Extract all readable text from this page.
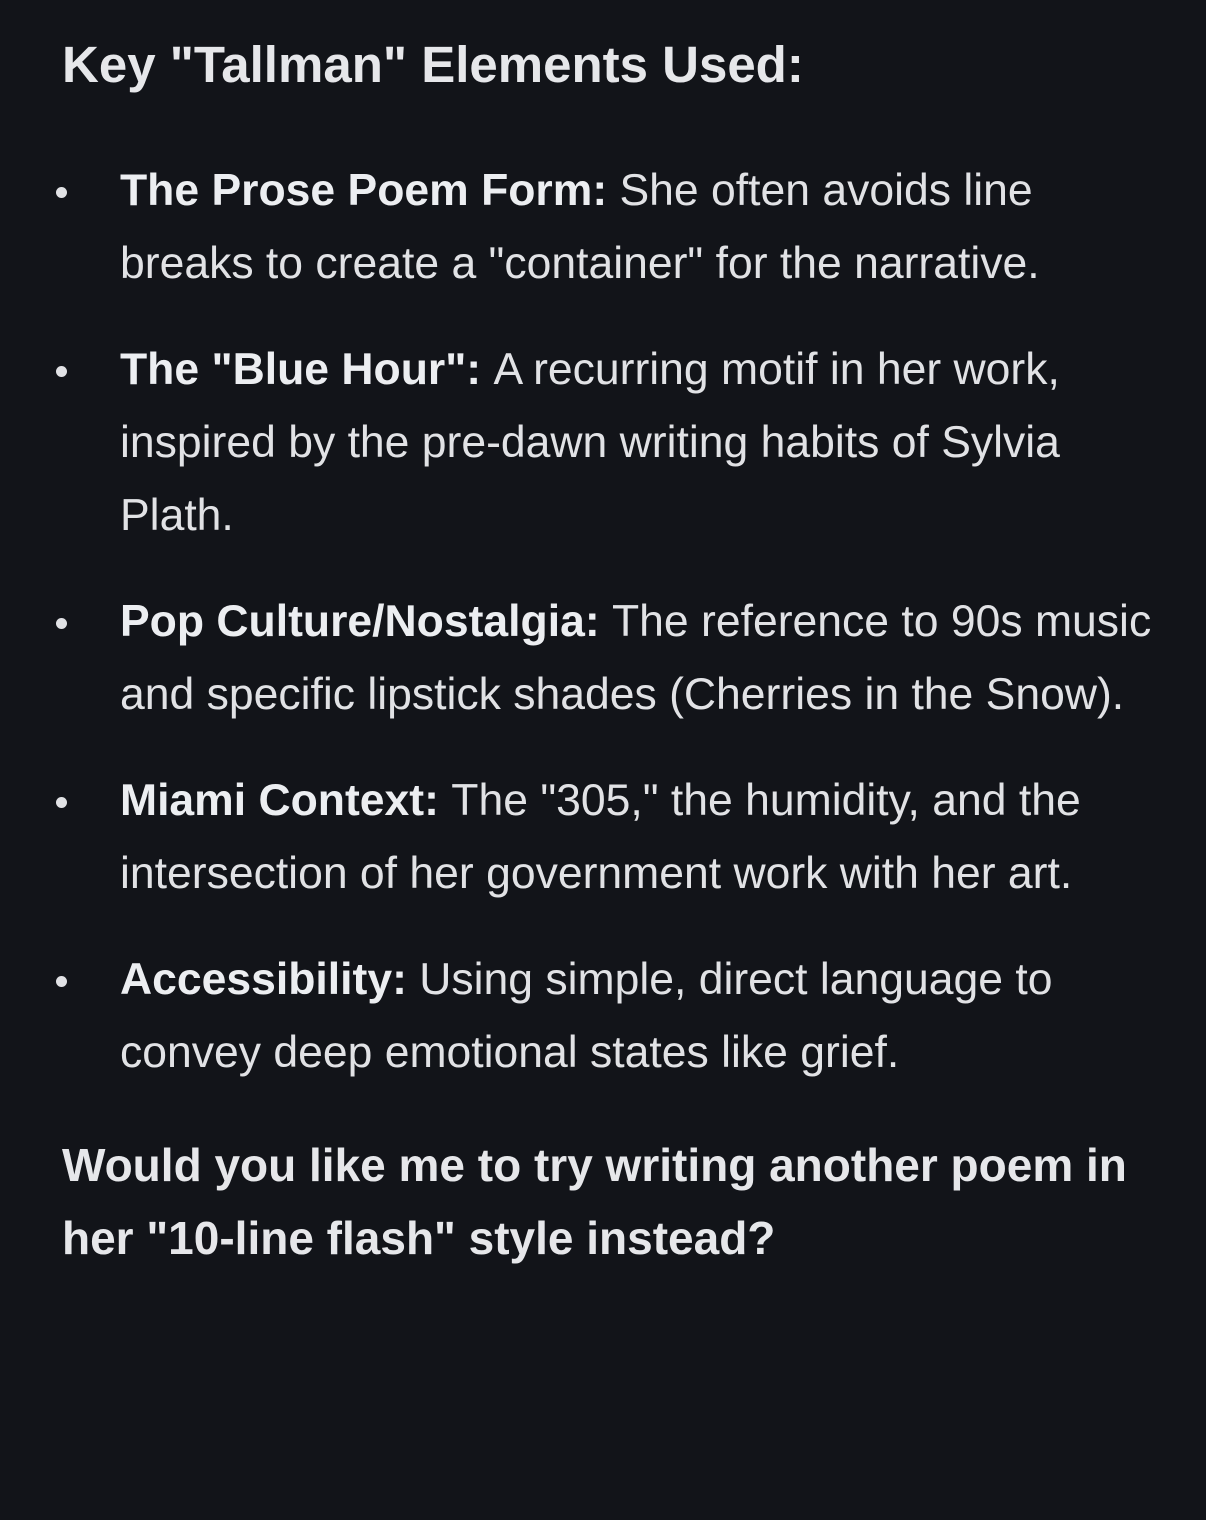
Key "Tallman" Elements Used:
The Prose Poem Form: She often avoids line breaks to create a "container" for the narrative.
The "Blue Hour": A recurring motif in her work, inspired by the pre-dawn writing habits of Sylvia Plath.
Pop Culture/Nostalgia: The reference to 90s music and specific lipstick shades (Cherries in the Snow).
Miami Context: The "305," the humidity, and the intersection of her government work with her art.
Accessibility: Using simple, direct language to convey deep emotional states like grief.

Would you like me to try writing another poem in her "10-line flash" style instead?
